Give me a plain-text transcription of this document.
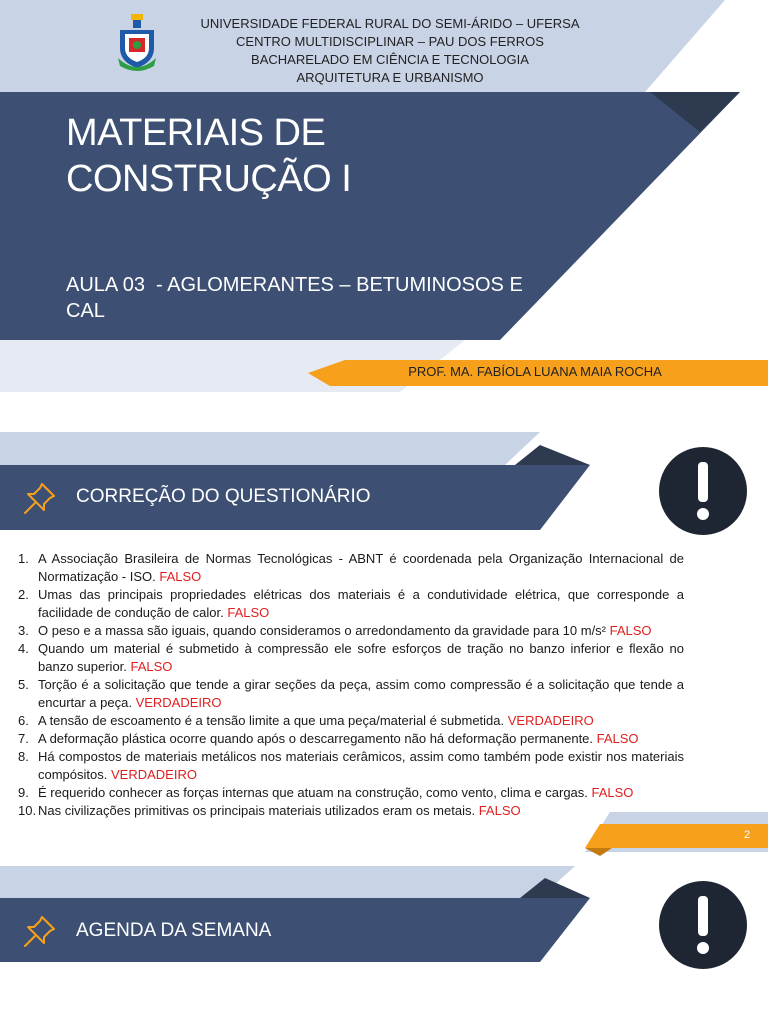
UNIVERSIDADE FEDERAL RURAL DO SEMI-ÁRIDO – UFERSA
CENTRO MULTIDISCIPLINAR – PAU DOS FERROS
BACHARELADO EM CIÊNCIA E TECNOLOGIA
ARQUITETURA E URBANISMO
MATERIAIS DE
CONSTRUÇÃO I
AULA 03  - AGLOMERANTES – BETUMINOSOS E
CAL
PROF. MA. FABÍOLA LUANA MAIA ROCHA
CORREÇÃO DO QUESTIONÁRIO
1. A Associação Brasileira de Normas Tecnológicas - ABNT é coordenada pela Organização Internacional de Normatização - ISO. FALSO
2. Umas das principais propriedades elétricas dos materiais é a condutividade elétrica, que corresponde a facilidade de condução de calor. FALSO
3. O peso e a massa são iguais, quando consideramos o arredondamento da gravidade para 10 m/s² FALSO
4. Quando um material é submetido à compressão ele sofre esforços de tração no banzo inferior e flexão no banzo superior. FALSO
5. Torção é a solicitação que tende a girar seções da peça, assim como compressão é a solicitação que tende a encurtar a peça. VERDADEIRO
6. A tensão de escoamento é a tensão limite a que uma peça/material é submetida. VERDADEIRO
7. A deformação plástica ocorre quando após o descarregamento não há deformação permanente. FALSO
8. Há compostos de materiais metálicos nos materiais cerâmicos, assim como também pode existir nos materiais compósitos. VERDADEIRO
9. É requerido conhecer as forças internas que atuam na construção, como vento, clima e cargas. FALSO
10. Nas civilizações primitivas os principais materiais utilizados eram os metais. FALSO
2
AGENDA DA SEMANA
